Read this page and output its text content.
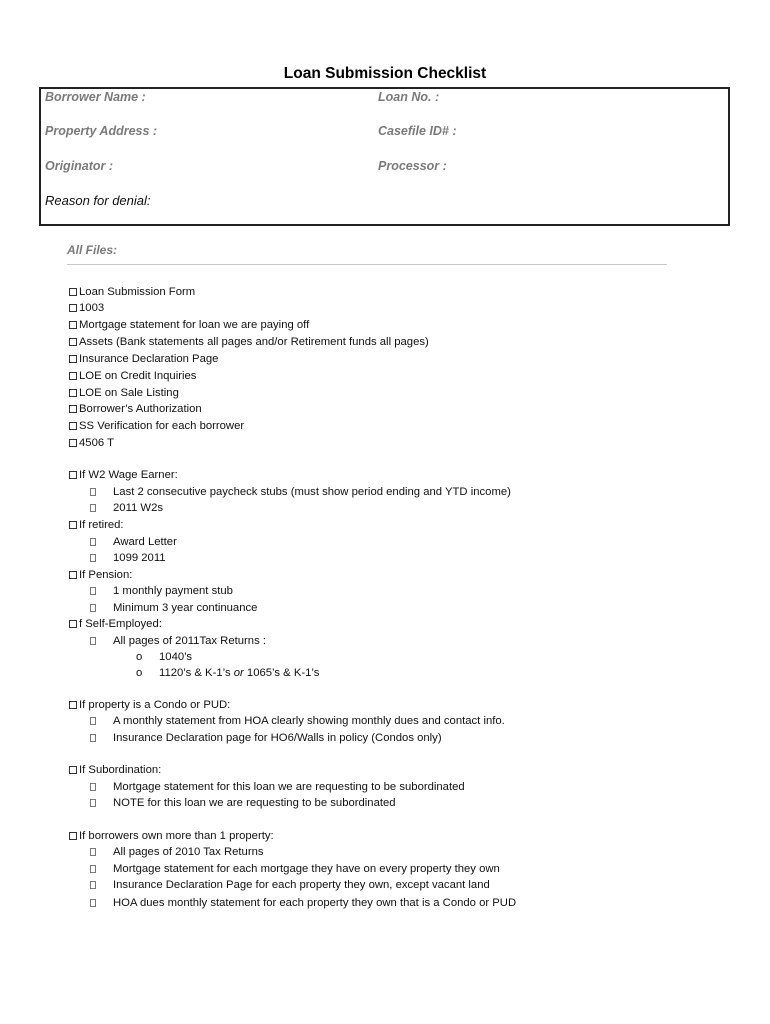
Loan Submission Checklist
Borrower Name :	Loan No. :
Property Address :	Casefile ID# :
Originator :	Processor :
Reason for denial:
All Files:
Loan Submission Form
1003
Mortgage statement for loan we are paying off
Assets (Bank statements all pages and/or Retirement funds all pages)
Insurance Declaration Page
LOE on Credit Inquiries
LOE on Sale Listing
Borrower’s Authorization
SS Verification for each borrower
4506 T
If W2 Wage Earner:
Last 2 consecutive paycheck stubs (must show period ending and YTD income)
2011 W2s
If retired:
Award Letter
1099 2011
If Pension:
1 monthly payment stub
Minimum 3 year continuance
f Self-Employed:
All pages of 2011Tax Returns :
o 1040’s
o 1120’s & K-1’s or 1065’s & K-1’s
If property is a Condo or PUD:
A monthly statement from HOA clearly showing monthly dues and contact info.
Insurance Declaration page for HO6/Walls in policy (Condos only)
If Subordination:
Mortgage statement for this loan we are requesting to be subordinated
NOTE for this loan we are requesting to be subordinated
If borrowers own more than 1 property:
All pages of 2010 Tax Returns
Mortgage statement for each mortgage they have on every property they own
Insurance Declaration Page for each property they own, except vacant land
HOA dues monthly statement for each property they own that is a Condo or PUD
